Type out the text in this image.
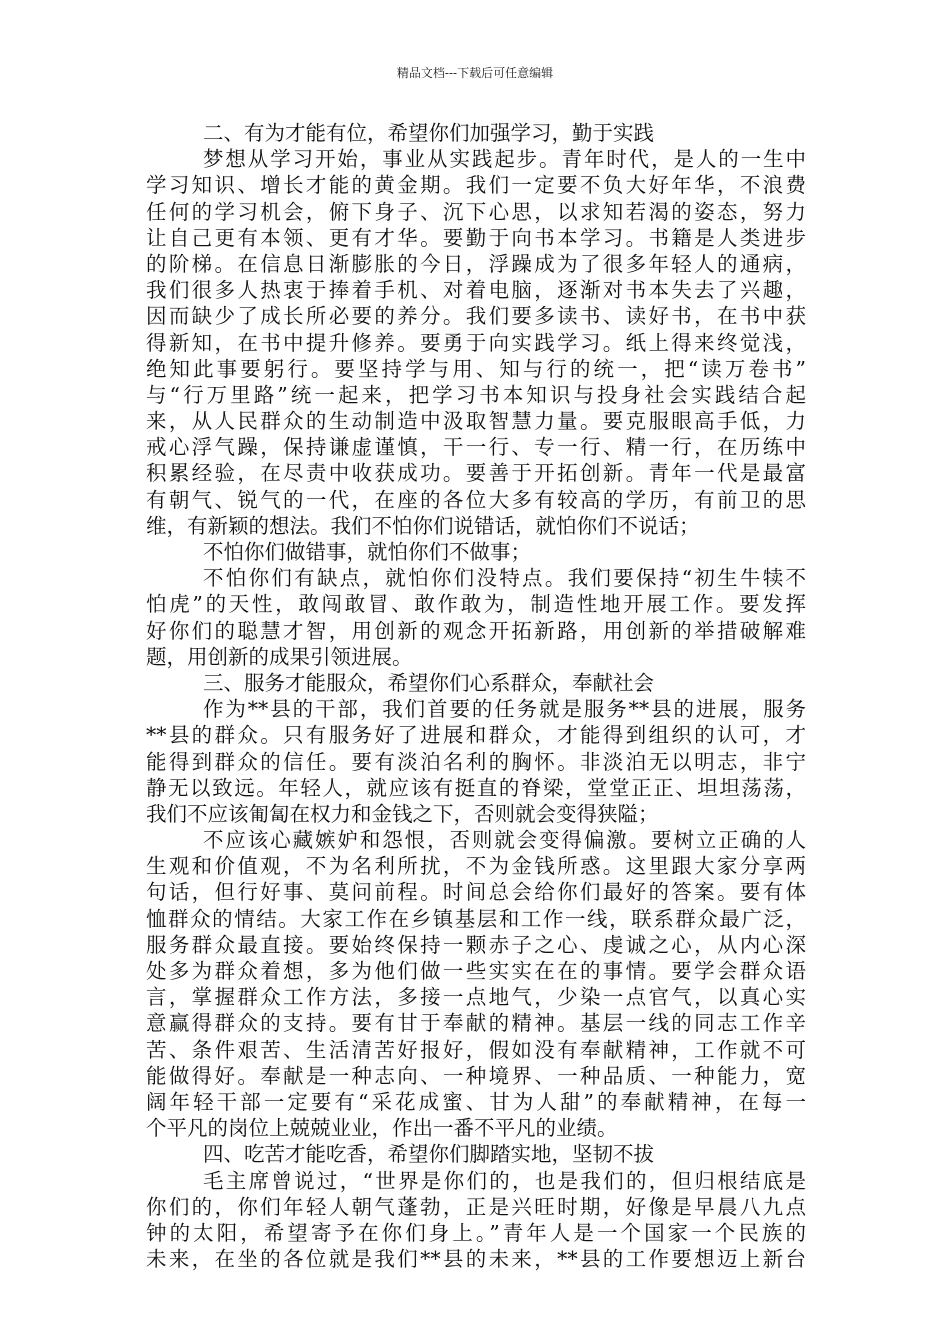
精品文档---下载后可任意编辑
二、有为才能有位，希望你们加强学习，勤于实践
梦想从学习开始，事业从实践起步。青年时代，是人的一生中
学习知识、增长才能的黄金期。我们一定要不负大好年华，不浪费
任何的学习机会，俯下身子、沉下心思，以求知若渴的姿态，努力
让自己更有本领、更有才华。要勤于向书本学习。书籍是人类进步
的阶梯。在信息日渐膨胀的今日，浮躁成为了很多年轻人的通病，
我们很多人热衷于捧着手机、对着电脑，逐渐对书本失去了兴趣，
因而缺少了成长所必要的养分。我们要多读书、读好书，在书中获
得新知，在书中提升修养。要勇于向实践学习。纸上得来终觉浅，
绝知此事要躬行。要坚持学与用、知与行的统一，把“读万卷书”
与“行万里路”统一起来，把学习书本知识与投身社会实践结合起
来，从人民群众的生动制造中汲取智慧力量。要克服眼高手低，力
戒心浮气躁，保持谦虚谨慎，干一行、专一行、精一行，在历练中
积累经验，在尽责中收获成功。要善于开拓创新。青年一代是最富
有朝气、锐气的一代，在座的各位大多有较高的学历，有前卫的思
维，有新颖的想法。我们不怕你们说错话，就怕你们不说话；
不怕你们做错事，就怕你们不做事；
不怕你们有缺点，就怕你们没特点。我们要保持“初生牛犊不
怕虎”的天性，敢闯敢冒、敢作敢为，制造性地开展工作。要发挥
好你们的聪慧才智，用创新的观念开拓新路，用创新的举措破解难
题，用创新的成果引领进展。
三、服务才能服众，希望你们心系群众，奉献社会
作为**县的干部，我们首要的任务就是服务**县的进展，服务
**县的群众。只有服务好了进展和群众，才能得到组织的认可，才
能得到群众的信任。要有淡泊名利的胸怀。非淡泊无以明志，非宁
静无以致远。年轻人，就应该有挺直的脊梁，堂堂正正、坦坦荡荡，
我们不应该匍匐在权力和金钱之下，否则就会变得狭隘；
不应该心藏嫉妒和怨恨，否则就会变得偏激。要树立正确的人
生观和价值观，不为名利所扰，不为金钱所惑。这里跟大家分享两
句话，但行好事、莫问前程。时间总会给你们最好的答案。要有体
恤群众的情结。大家工作在乡镇基层和工作一线，联系群众最广泛，
服务群众最直接。要始终保持一颗赤子之心、虔诚之心，从内心深
处多为群众着想，多为他们做一些实实在在的事情。要学会群众语
言，掌握群众工作方法，多接一点地气，少染一点官气，以真心实
意赢得群众的支持。要有甘于奉献的精神。基层一线的同志工作辛
苦、条件艰苦、生活清苦好报好，假如没有奉献精神，工作就不可
能做得好。奉献是一种志向、一种境界、一种品质、一种能力，宽
阔年轻干部一定要有“采花成蜜、甘为人甜”的奉献精神，在每一
个平凡的岗位上兢兢业业，作出一番不平凡的业绩。
四、吃苦才能吃香，希望你们脚踏实地，坚韧不拔
毛主席曾说过，“世界是你们的，也是我们的，但归根结底是
你们的，你们年轻人朝气蓬勃，正是兴旺时期，好像是早晨八九点
钟的太阳，希望寄予在你们身上。”青年人是一个国家一个民族的
未来，在坐的各位就是我们**县的未来，**县的工作要想迈上新台
